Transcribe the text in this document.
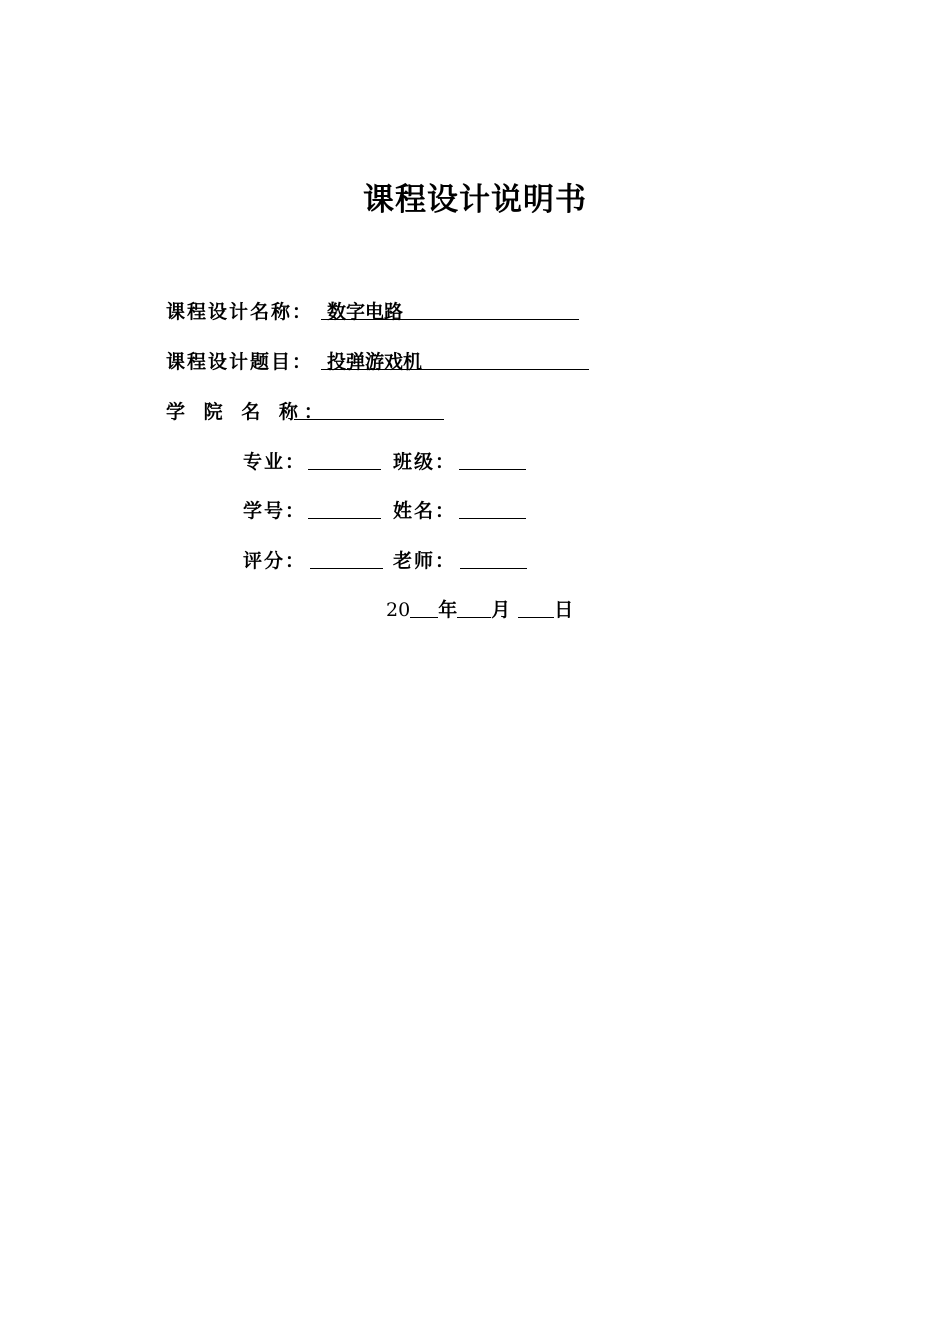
课程设计说明书
课程设计名称： 数字电路
课程设计题目： 投弹游戏机
学 院 名 称：
专业：	班级：
学号：	姓名：
评分：	老师：
20 年 月 日
